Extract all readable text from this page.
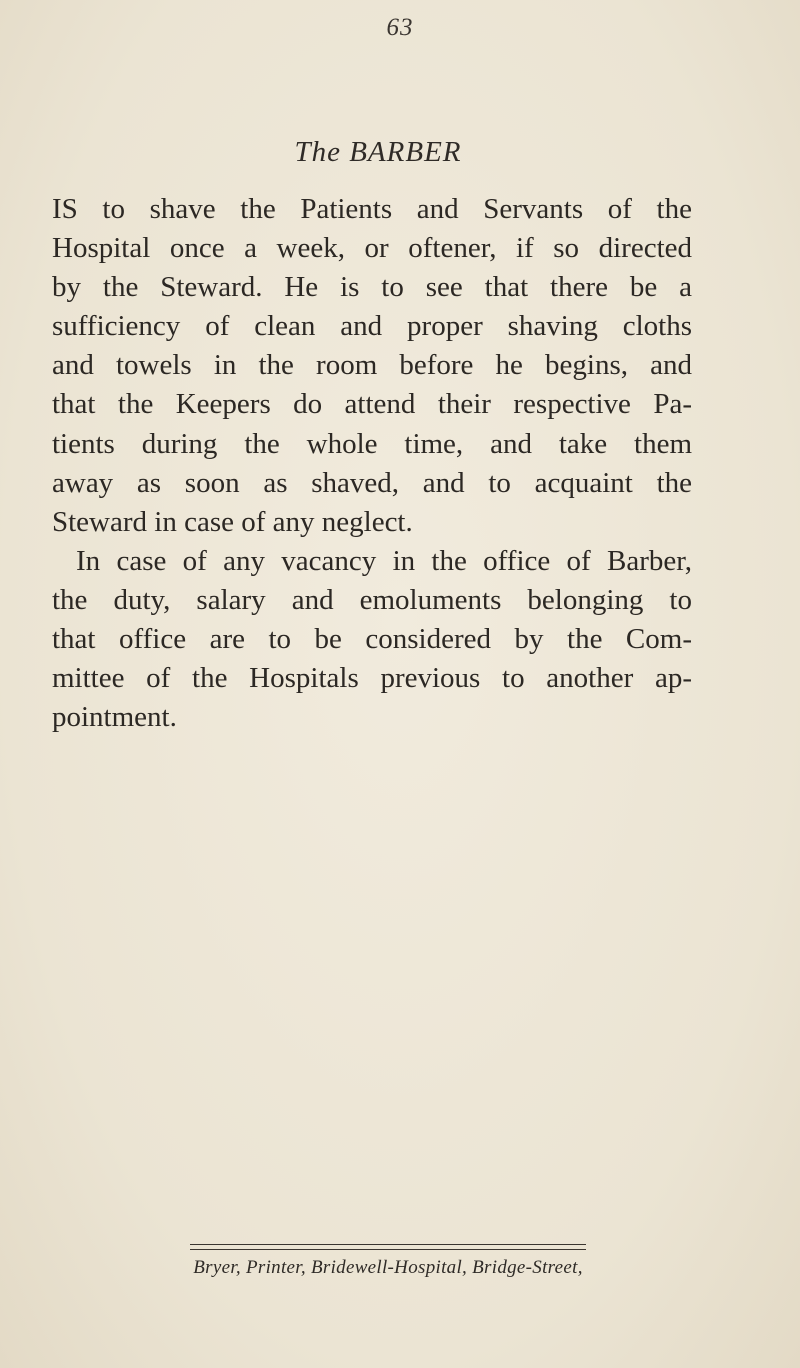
63
The BARBER
IS to shave the Patients and Servants of the
Hospital once a week, or oftener, if so directed
by the Steward. He is to see that there be a
sufficiency of clean and proper shaving cloths
and towels in the room before he begins, and
that the Keepers do attend their respective Pa-
tients during the whole time, and take them
away as soon as shaved, and to acquaint the
Steward in case of any neglect.
In case of any vacancy in the office of Barber,
the duty, salary and emoluments belonging to
that office are to be considered by the Com-
mittee of the Hospitals previous to another ap-
pointment.
Bryer, Printer, Bridewell-Hospital, Bridge-Street,
